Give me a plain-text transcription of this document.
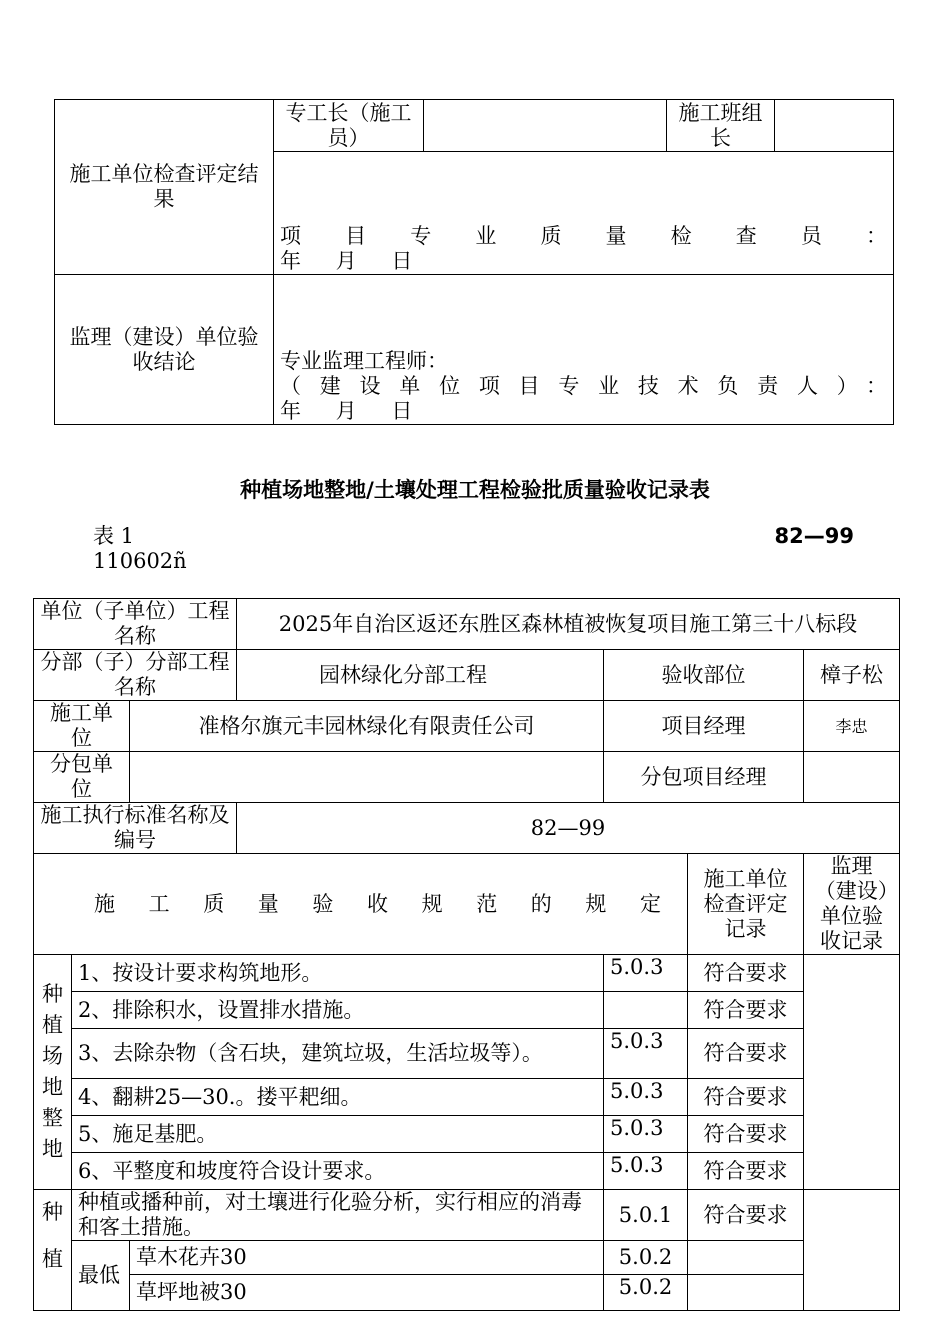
施工单位检查评定结果	专工长（施工员）		施工班组长	

	项目专业质量检查员：
年 月 日			

监理（建设）单位验收结论	专业监理工程师：
（建设单位项目专业技术负责人）：
年 月 日			
种植场地整地/土壤处理工程检验批质量验收记录表
表 1 110602ñ
82—99
单位（子单位）工程名称			2025年自治区返还东胜区森林植被恢复项目施工第三十八标段			
分部（子）分部工程名称			园林绿化分部工程	验收部位		樟子松
施工单位		准格尔旗元丰园林绿化有限责任公司		项目经理		李忠
分包单位				分包项目经理		
施工执行标准名称及编号			82—99			
施工质量验收规范的规定					施工单位检查评定记录	监理（建设）单位验收记录
种植场地整地	1、按设计要求构筑地形。			5.0.3	符合要求	
	2、排除积水，设置排水措施。				符合要求	
	3、去除杂物（含石块，建筑垃圾，生活垃圾等）。			5.0.3	符合要求	
	4、翻耕25—30.。搂平耙细。			5.0.3	符合要求	
	5、施足基肥。			5.0.3	符合要求	
	6、平整度和坡度符合设计要求。			5.0.3	符合要求	

种
植	种植或播种前，对土壤进行化验分析，实行相应的消毒和客土措施。			5.0.1	符合要求	
	最低	草木花卉30		5.0.2		
		草坪地被30		5.0.2		
